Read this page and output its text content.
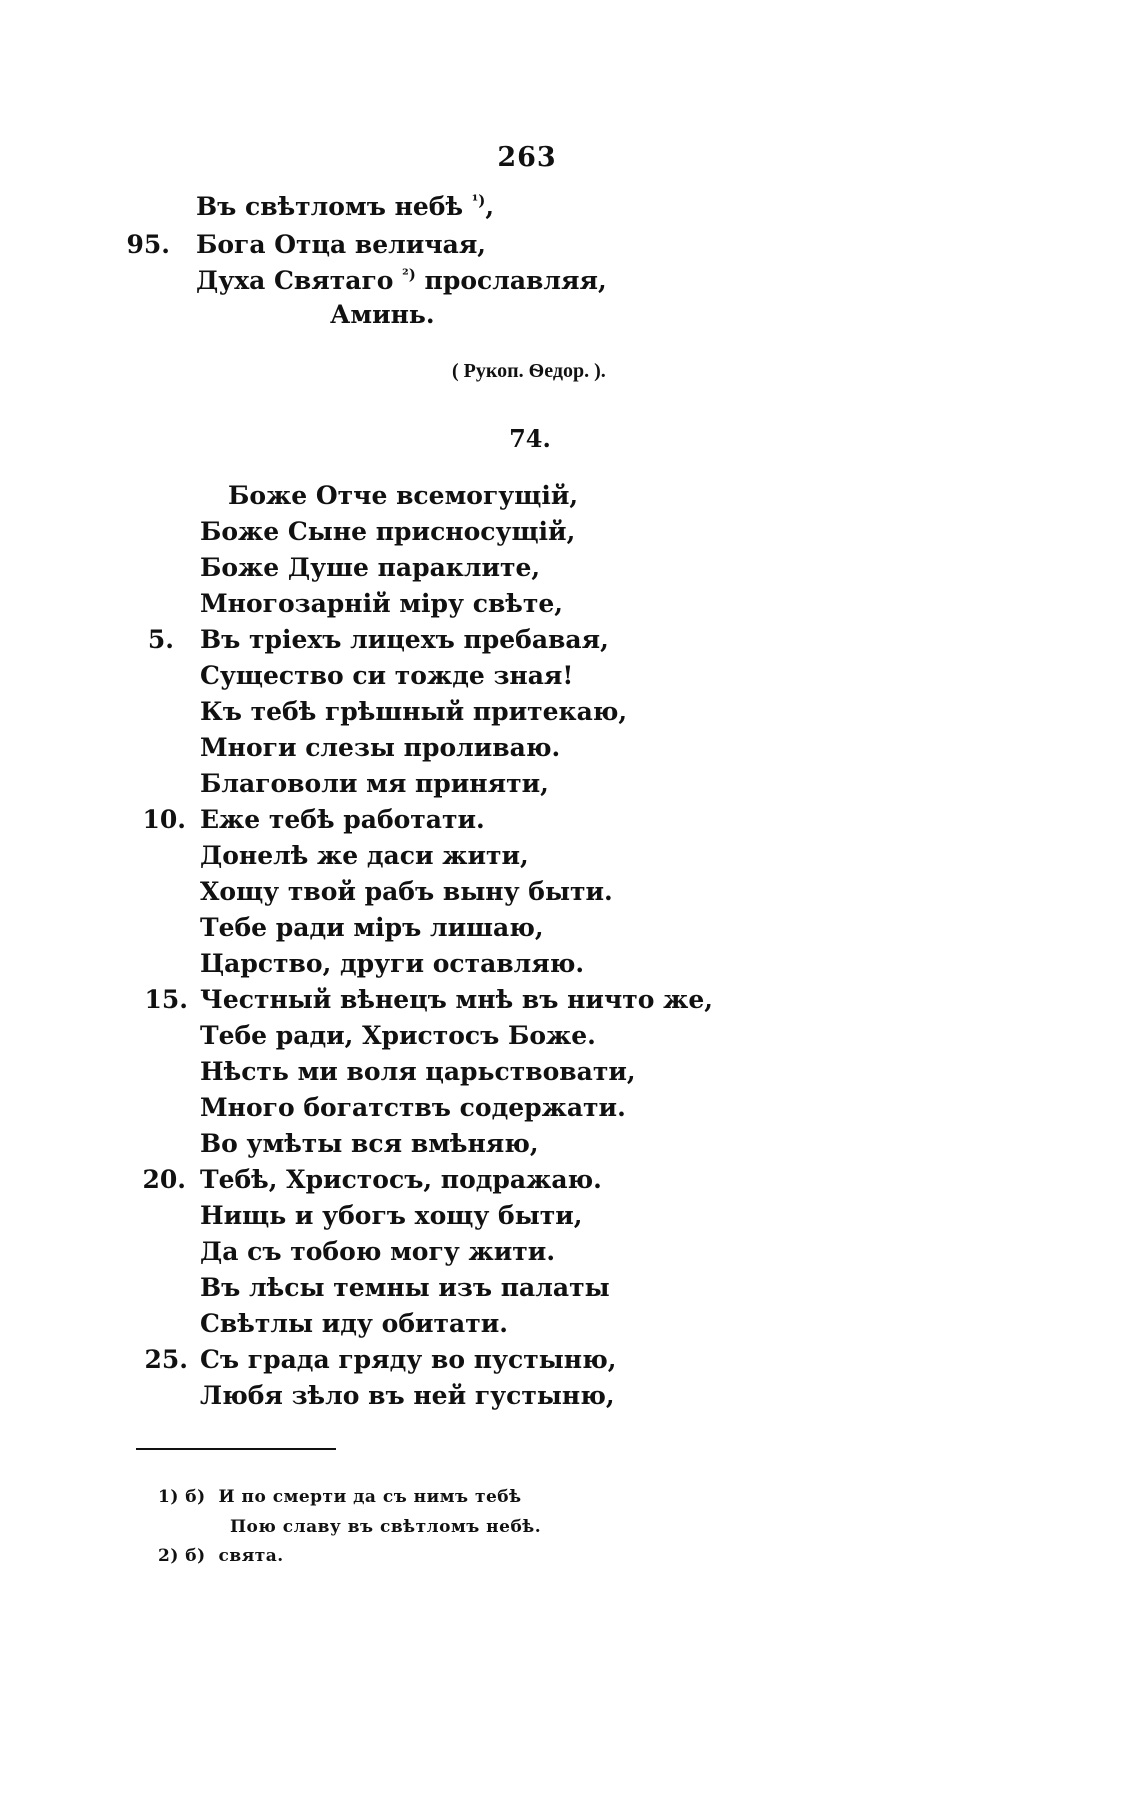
263
Въ свѣтломъ небѣ $^{^1)}$,
95. Бога Отца величая,
Духа Святаго $^{^2)}$ прославляя,
Аминь.
( Рукоп. Ѳедор. ).
74.
Боже Отче всемогущій,
Боже Сыне присносущій,
Боже Душе параклите,
Многозарній міру свѣте,
5. Въ тріехъ лицехъ пребавая,
Существо си тожде зная!
Къ тебѣ грѣшный притекаю,
Многи слезы проливаю.
Благоволи мя приняти,
10. Еже тебѣ работати.
Донелѣ же даси жити,
Хощу твой рабъ выну быти.
Тебе ради міръ лишаю,
Царство, други оставляю.
15. Честный вѣнецъ мнѣ въ ничто же,
Тебе ради, Христосъ Боже.
Нѣсть ми воля царьствовати,
Много богатствъ содержати.
Во умѣты вся вмѣняю,
20. Тебѣ, Христосъ, подражаю.
Нищь и убогъ хощу быти,
Да съ тобою могу жити.
Въ лѣсы темны изъ палаты
Свѣтлы иду обитати.
25. Съ града гряду во пустыню,
Любя зѣло въ ней густыню,
1) б) И по смерти да съ нимъ тебѣ
Пою славу въ свѣтломъ небѣ.
2) б) свята.
